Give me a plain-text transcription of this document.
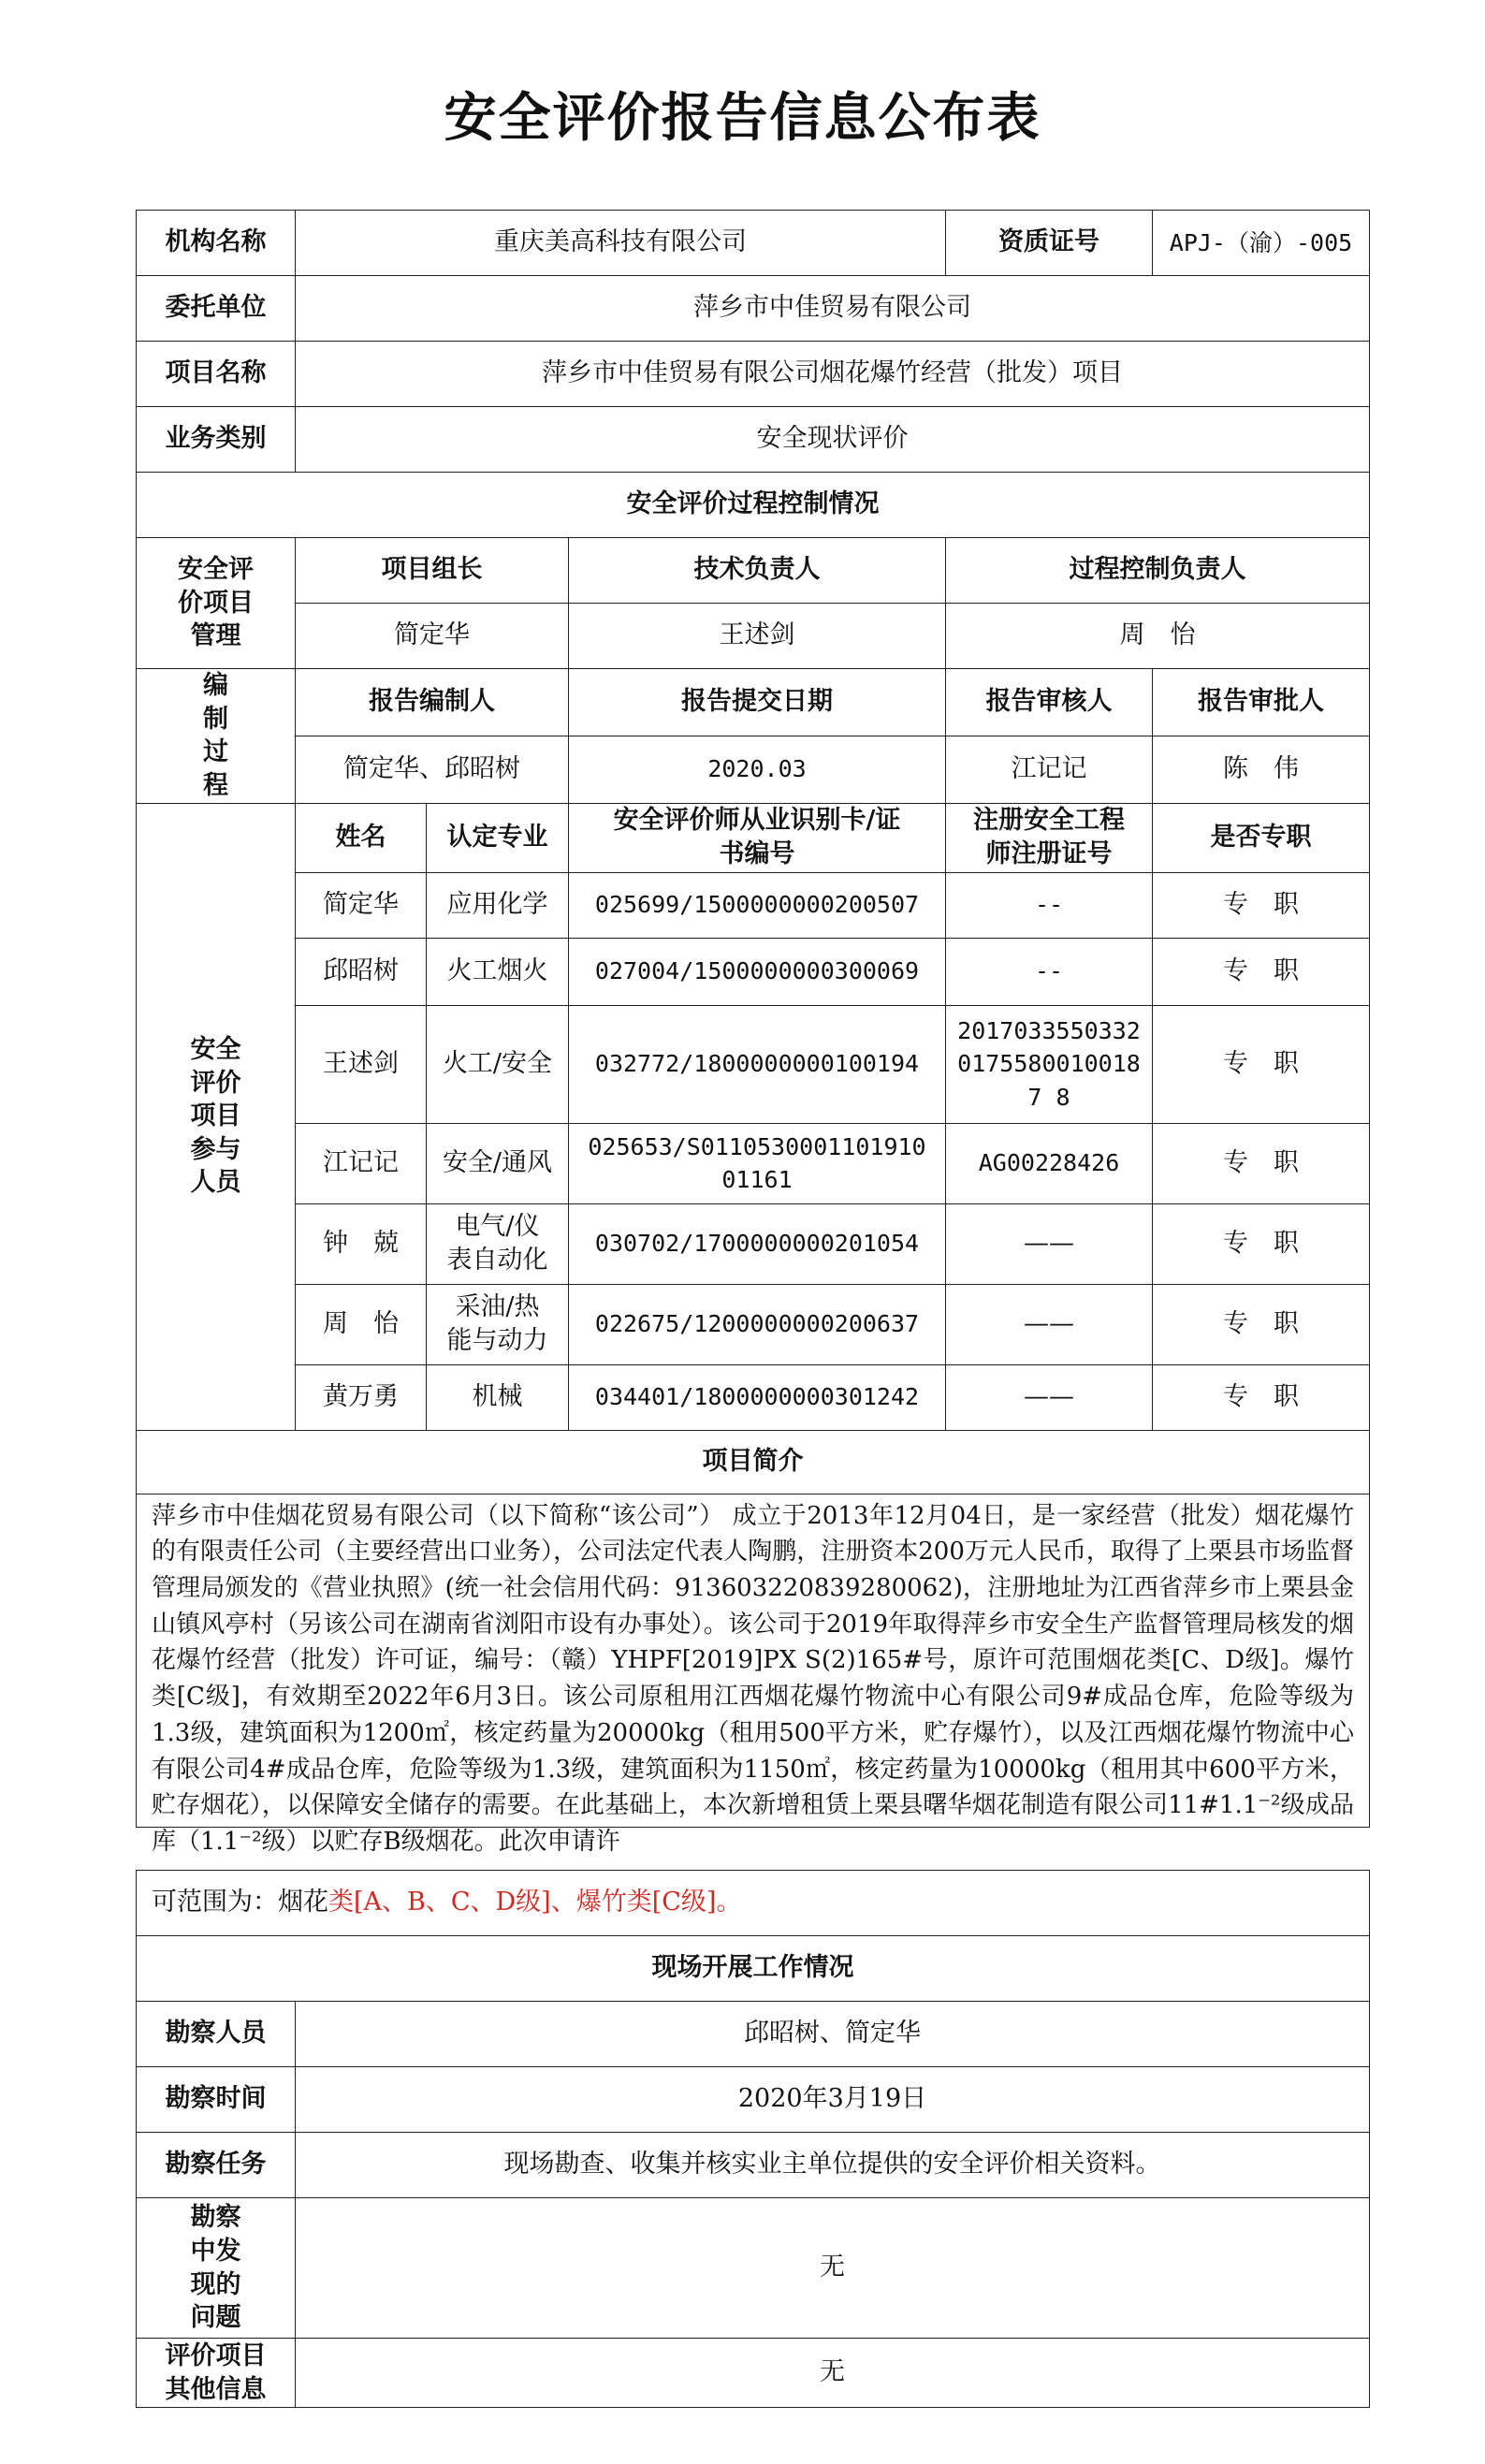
安全评价报告信息公布表
机构名称	重庆美高科技有限公司			资质证号	APJ-（渝）-005
委托单位	萍乡市中佳贸易有限公司				
项目名称	萍乡市中佳贸易有限公司烟花爆竹经营（批发）项目				
业务类别	安全现状评价				
安全评价过程控制情况					
安全评价项目管理	项目组长		技术负责人	过程控制负责人	
	简定华		王述剑	周　怡	
编制过程	报告编制人		报告提交日期	报告审核人	报告审批人
	简定华、邱昭树		2020.03	江记记	陈　伟
安全评价项目参与人员	姓名	认定专业	安全评价师从业识别卡/证书编号	注册安全工程师注册证号	是否专职
	简定华	应用化学	025699/1500000000200507	--	专　职
	邱昭树	火工烟火	027004/1500000000300069	--	专　职
	王述剑	火工/安全	032772/1800000000100194	201703355033201755800100187 8	专　职
	江记记	安全/通风	025653/S011053000110191001161	AG00228426	专　职
	钟　兢	电气/仪表自动化	030702/1700000000201054	——	专　职
	周　怡	采油/热能与动力	022675/1200000000200637	——	专　职
	黄万勇	机械	034401/1800000000301242	——	专　职
项目简介					

萍乡市中佳烟花贸易有限公司（以下简称“该公司”） 成立于2013年12月04日，是一家经营（批发）烟花爆竹的有限责任公司（主要经营出口业务），公司法定代表人陶鹏，注册资本200万元人民币，取得了上栗县市场监督管理局颁发的《营业执照》(统一社会信用代码：913603220839280062)，注册地址为江西省萍乡市上栗县金山镇风亭村（另该公司在湖南省浏阳市设有办事处）。该公司于2019年取得萍乡市安全生产监督管理局核发的烟花爆竹经营（批发）许可证，编号：（赣）YHPF[2019]PX S(2)165#号，原许可范围烟花类[C、D级]。爆竹类[C级]，有效期至2022年6月3日。该公司原租用江西烟花爆竹物流中心有限公司9#成品仓库，危险等级为1.3级，建筑面积为1200㎡，核定药量为20000kg（租用500平方米，贮存爆竹），以及江西烟花爆竹物流中心有限公司4#成品仓库，危险等级为1.3级，建筑面积为1150㎡，核定药量为10000kg（租用其中600平方米，贮存烟花），以保障安全储存的需要。在此基础上，本次新增租赁上栗县曙华烟花制造有限公司11#1.1⁻²级成品库（1.1⁻²级）以贮存B级烟花。此次申请许					
可范围为：烟花类[A、B、C、D级]、爆竹类[C级]。	
现场开展工作情况	
勘察人员	邱昭树、简定华
勘察时间	2020年3月19日
勘察任务	现场勘查、收集并核实业主单位提供的安全评价相关资料。
勘察中发现的问题	无
评价项目其他信息	无
